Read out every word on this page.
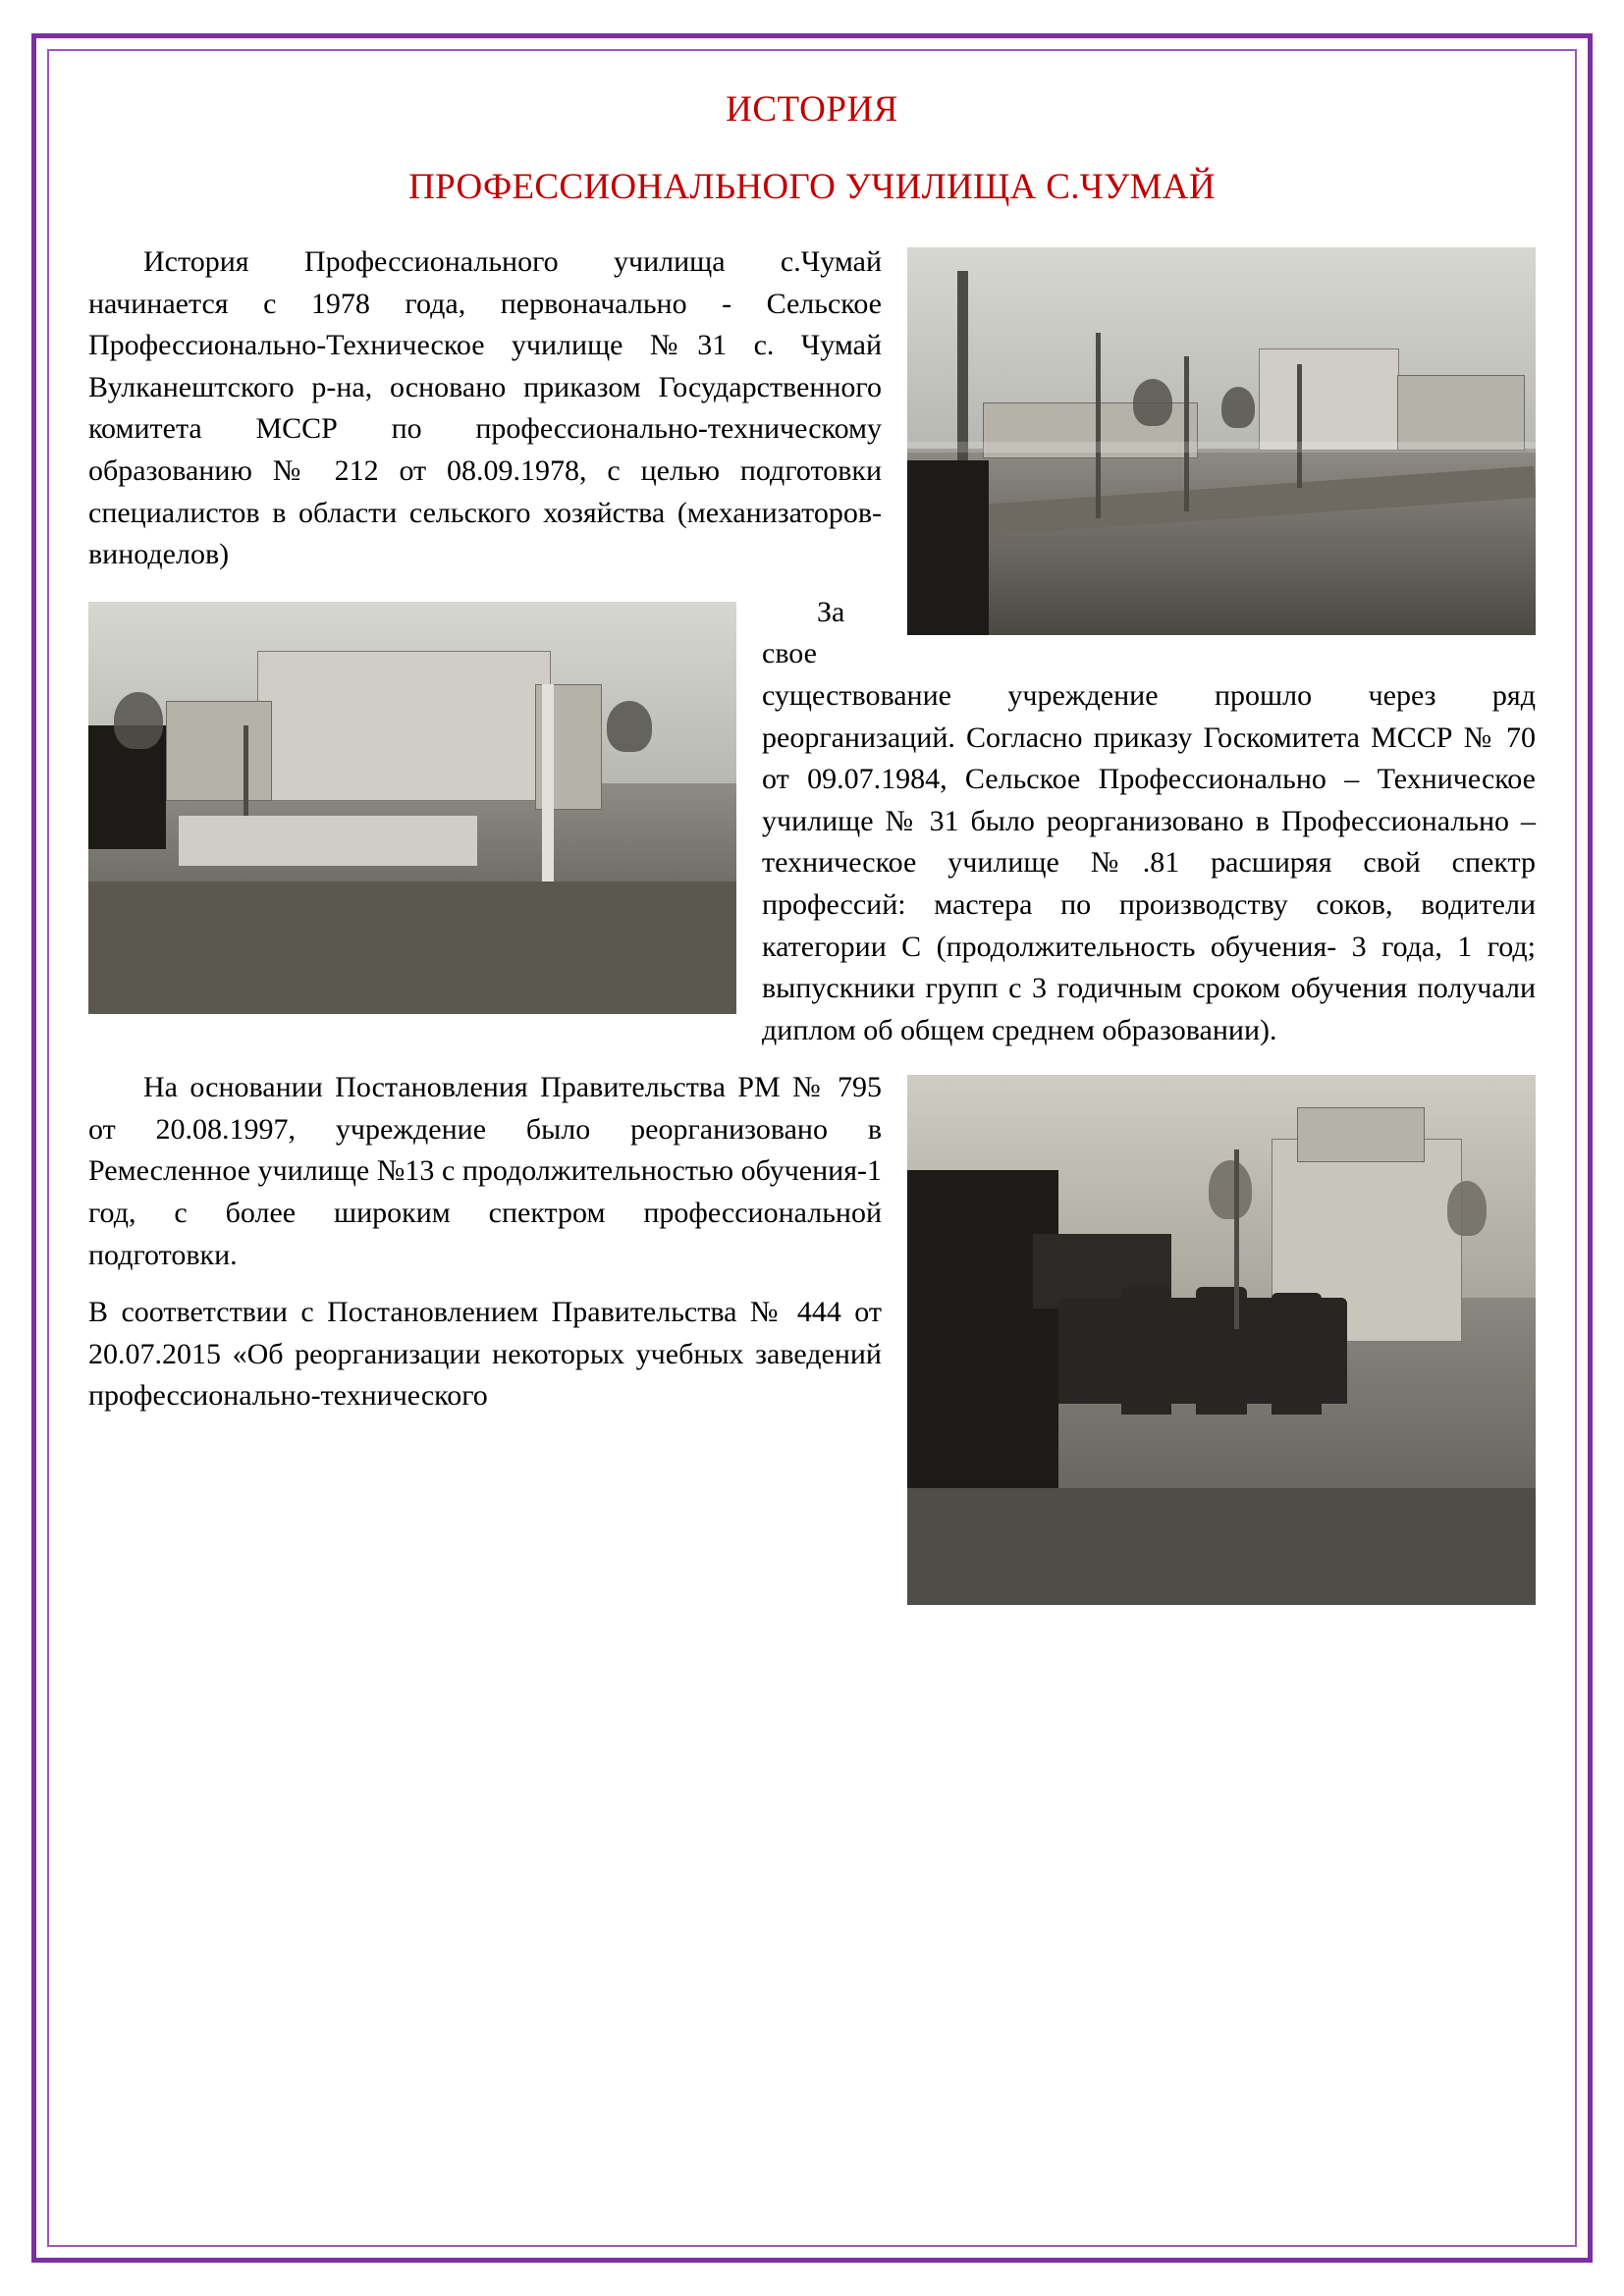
ИСТОРИЯ
ПРОФЕССИОНАЛЬНОГО УЧИЛИЩА С.ЧУМАЙ

История Профессионального училища с.Чумай начинается с 1978 года, первоначально - Сельское Профессионально-Техническое училище №31 с. Чумай Вулканештского р-на, основано приказом Государственного комитета МССР по профессионально-техническому образованию № 212 от 08.09.1978, с целью подготовки специалистов в области сельского хозяйства (механизаторов-виноделов)

За свое существование учреждение прошло через ряд реорганизаций. Согласно приказу Госкомитета МССР № 70 от 09.07.1984, Сельское Профессионально – Техническое училище № 31 было реорганизовано в Профессионально – техническое училище №.81 расширяя свой спектр профессий: мастера по производству соков, водители категории С (продолжительность обучения- 3 года, 1 год; выпускники групп с 3 годичным сроком обучения получали диплом об общем среднем образовании).

На основании Постановления Правительства РМ № 795 от 20.08.1997, учреждение было реорганизовано в Ремесленное училище №13 с продолжительностью обучения-1 год, с более широким спектром профессиональной подготовки.

В соответствии с Постановлением Правительства № 444 от 20.07.2015 «Об реорганизации некоторых учебных заведений профессионально-технического
